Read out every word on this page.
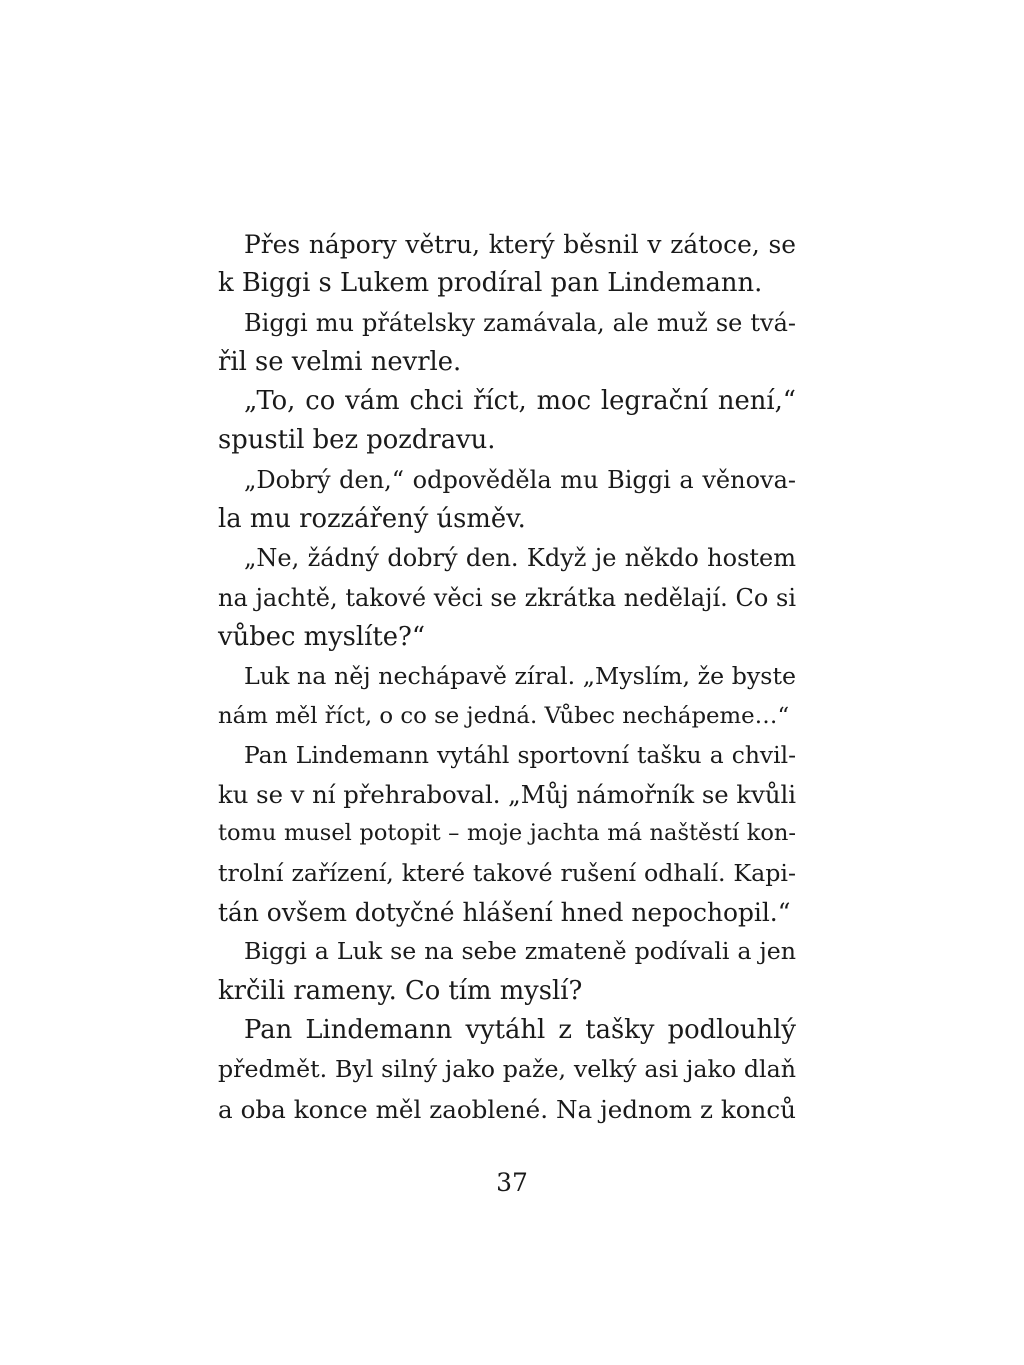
Přes nápory větru, který běsnil v zátoce, se
k Biggi s Lukem prodíral pan Lindemann.
Biggi mu přátelsky zamávala, ale muž se tvá-
řil se velmi nevrle.
„To, co vám chci říct, moc legrační není,“
spustil bez pozdravu.
„Dobrý den,“ odpověděla mu Biggi a věnova-
la mu rozzářený úsměv.
„Ne, žádný dobrý den. Když je někdo hostem
na jachtě, takové věci se zkrátka nedělají. Co si
vůbec myslíte?“
Luk na něj nechápavě zíral. „Myslím, že byste
nám měl říct, o co se jedná. Vůbec nechápeme…“
Pan Lindemann vytáhl sportovní tašku a chvil-
ku se v ní přehraboval. „Můj námořník se kvůli
tomu musel potopit – moje jachta má naštěstí kon-
trolní zařízení, které takové rušení odhalí. Kapi-
tán ovšem dotyčné hlášení hned nepochopil.“
Biggi a Luk se na sebe zmateně podívali a jen
krčili rameny. Co tím myslí?
Pan Lindemann vytáhl z tašky podlouhlý
předmět. Byl silný jako paže, velký asi jako dlaň
a oba konce měl zaoblené. Na jednom z konců
37
